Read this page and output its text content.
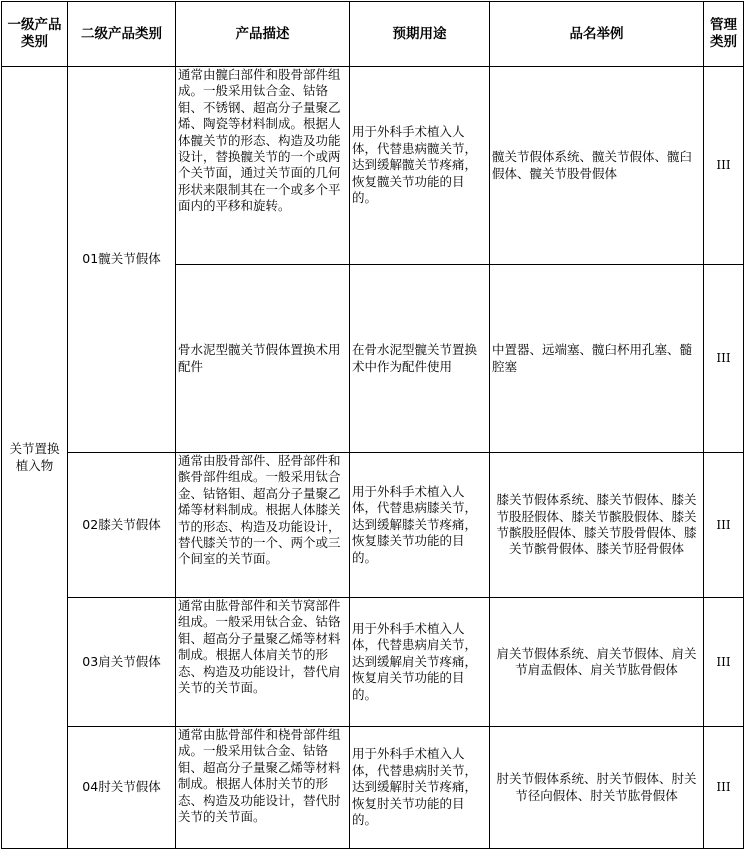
一级产品类别	二级产品类别	产品描述	预期用途	品名举例	管理类别
关节置换植入物	01髋关节假体	通常由髋臼部件和股骨部件组成。一般采用钛合金、钴铬钼、不锈钢、超高分子量聚乙烯、陶瓷等材料制成。根据人体髋关节的形态、构造及功能设计，替换髋关节的一个或两个关节面，通过关节面的几何形状来限制其在一个或多个平面内的平移和旋转。	用于外科手术植入人体，代替患病髋关节，达到缓解髋关节疼痛，恢复髋关节功能的目的。	髋关节假体系统、髋关节假体、髋臼假体、髋关节股骨假体	III
		骨水泥型髋关节假体置换术用配件	在骨水泥型髋关节置换术中作为配件使用	中置器、远端塞、髋臼杯用孔塞、髓腔塞	III
	02膝关节假体	通常由股骨部件、胫骨部件和髌骨部件组成。一般采用钛合金、钴铬钼、超高分子量聚乙烯等材料制成。根据人体膝关节的形态、构造及功能设计，替代膝关节的一个、两个或三个间室的关节面。	用于外科手术植入人体，代替患病膝关节，达到缓解膝关节疼痛，恢复膝关节功能的目的。	膝关节假体系统、膝关节假体、膝关节股胫假体、膝关节髌股假体、膝关节髌股胫假体、膝关节股骨假体、膝关节髌骨假体、膝关节胫骨假体	III
	03肩关节假体	通常由肱骨部件和关节窝部件组成。一般采用钛合金、钴铬钼、超高分子量聚乙烯等材料制成。根据人体肩关节的形态、构造及功能设计，替代肩关节的关节面。	用于外科手术植入人体，代替患病肩关节，达到缓解肩关节疼痛，恢复肩关节功能的目的。	肩关节假体系统、肩关节假体、肩关节肩盂假体、肩关节肱骨假体	III
	04肘关节假体	通常由肱骨部件和桡骨部件组成。一般采用钛合金、钴铬钼、超高分子量聚乙烯等材料制成。根据人体肘关节的形态、构造及功能设计，替代肘关节的关节面。	用于外科手术植入人体，代替患病肘关节，达到缓解肘关节疼痛，恢复肘关节功能的目的。	肘关节假体系统、肘关节假体、肘关节径向假体、肘关节肱骨假体	III
